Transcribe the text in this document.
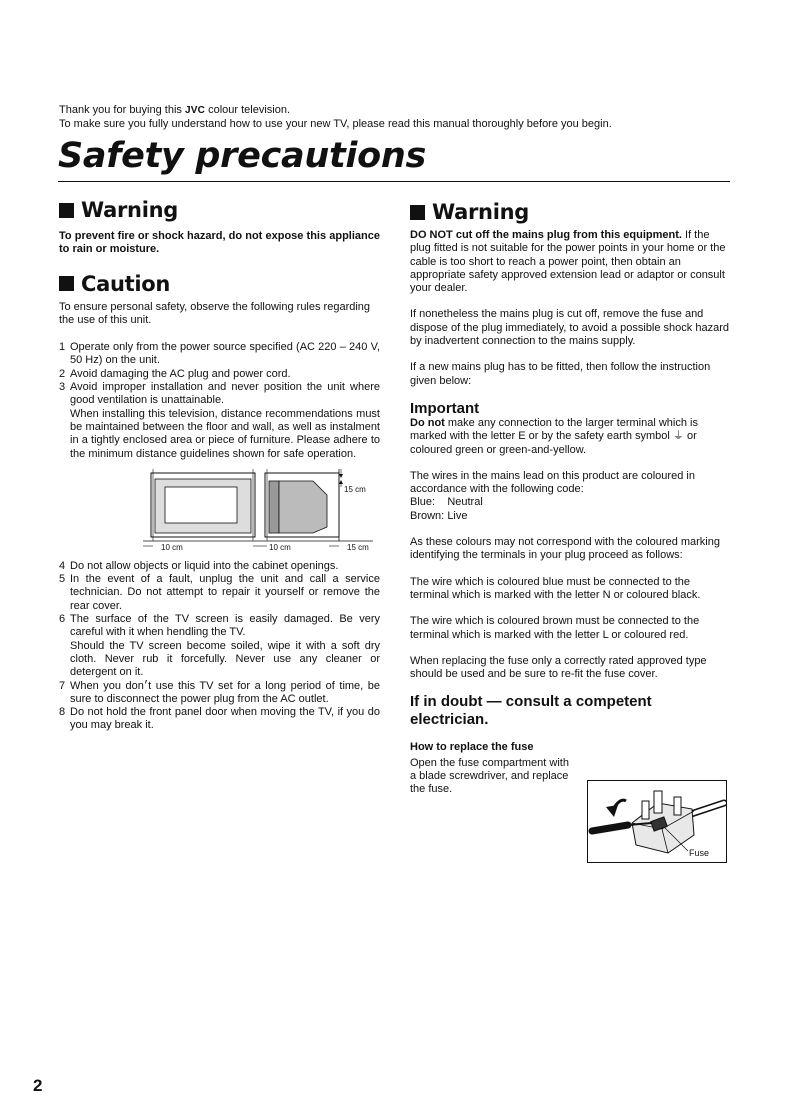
Thank you for buying this JVC colour television.
To make sure you fully understand how to use your new TV, please read this manual thoroughly before you begin.
Safety precautions
Warning

To prevent fire or shock hazard, do not expose this appliance to rain or moisture.

Caution

To ensure personal safety, observe the following rules regarding the use of this unit.

1 Operate only from the power source specified (AC 220 – 240 V, 50 Hz) on the unit.
2 Avoid damaging the AC plug and power cord.
3 Avoid improper installation and never position the unit where good ventilation is unattainable.
When installing this television, distance recommendations must be maintained between the floor and wall, as well as instalment in a tightly enclosed area or piece of furniture. Please adhere to the minimum distance guidelines shown for safe operation.
15 cm
10 cm	10 cm	15 cm
4 Do not allow objects or liquid into the cabinet openings.
5 In the event of a fault, unplug the unit and call a service technician. Do not attempt to repair it yourself or remove the rear cover.
6 The surface of the TV screen is easily damaged. Be very careful with it when hendling the TV.
Should the TV screen become soiled, wipe it with a soft dry cloth. Never rub it forcefully. Never use any cleaner or detergent on it.
7 When you don׳t use this TV set for a long period of time, be sure to disconnect the power plug from the AC outlet.
8 Do not hold the front panel door when moving the TV, if you do you may break it.
Warning

DO NOT cut off the mains plug from this equipment. If the plug fitted is not suitable for the power points in your home or the cable is too short to reach a power point, then obtain an appropriate safety approved extension lead or adaptor or consult your dealer.

If nonetheless the mains plug is cut off, remove the fuse and dispose of the plug immediately, to avoid a possible shock hazard by inadvertent connection to the mains supply.

If a new mains plug has to be fitted, then follow the instruction given below:

Important

Do not make any connection to the larger terminal which is marked with the letter E or by the safety earth symbol ⏚ or coloured green or green-and-yellow.

The wires in the mains lead on this product are coloured in accordance with the following code:

Blue: Neutral
Brown: Live

As these colours may not correspond with the coloured marking identifying the terminals in your plug proceed as follows:

The wire which is coloured blue must be connected to the terminal which is marked with the letter N or coloured black.

The wire which is coloured brown must be connected to the terminal which is marked with the letter L or coloured red.

When replacing the fuse only a correctly rated approved type should be used and be sure to re-fit the fuse cover.

If in doubt — consult a competent electrician.
How to replace the fuse

Open the fuse compartment with a blade screwdriver, and replace the fuse.

Fuse
2
